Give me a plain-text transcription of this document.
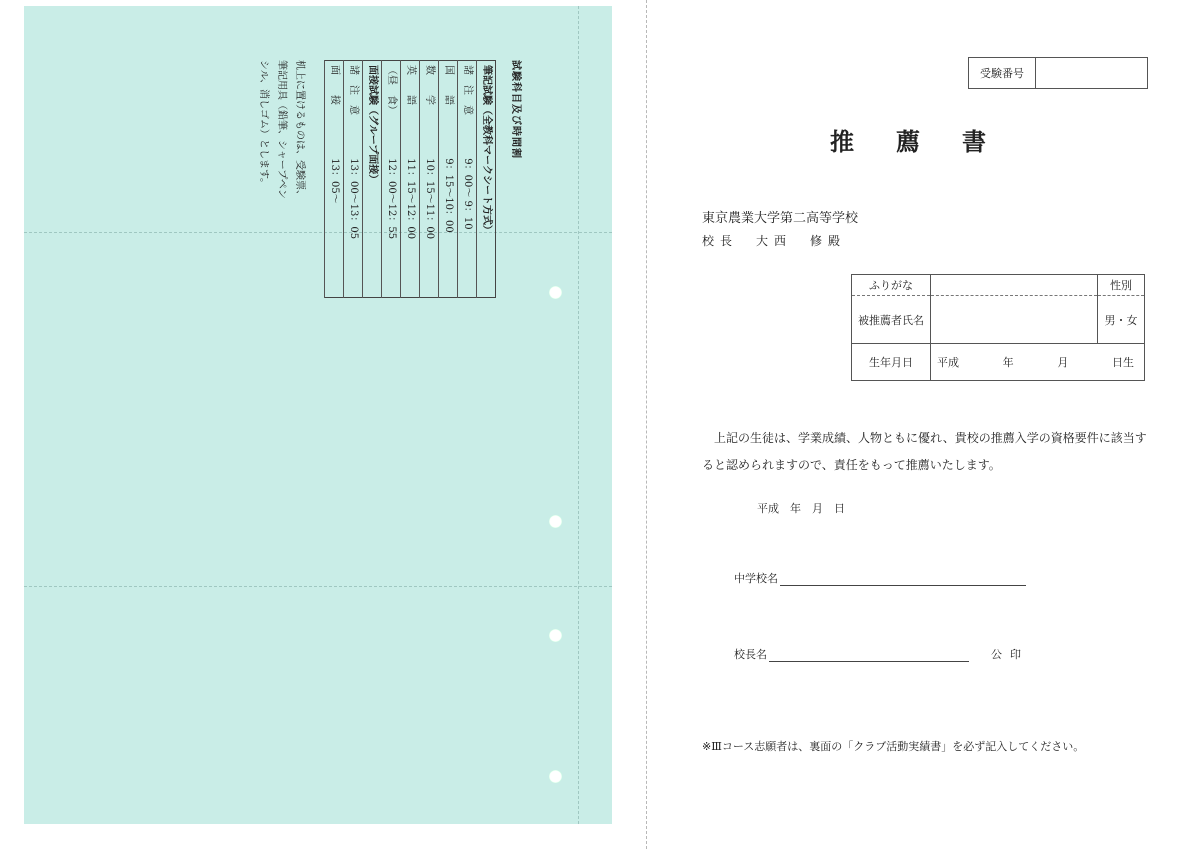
試験科目及び時間割
筆記試験（全教科マークシート方式）	
諸　注　意	9：00〜 9：10
国　　語	9：15〜10：00
数　　学	10：15〜11：00
英　　語	11：15〜12：00
（昼　食）	12：00〜12：55
面接試験（グループ面接）	
諸　注　意	13：00〜13：05
面　　接	13：05〜
机上に置けるものは、受験票、
筆記用具（鉛筆、シャープペン
シル、消しゴム）とします。	受験番号
推薦書
東京農業大学第二高等学校
校長　大西　修殿
ふりがな		性別
被推薦者氏名		男・女
生年月日	平成 年 月 日生	
上記の生徒は、学業成績、人物ともに優れ、貴校の推薦入学の資格要件に該当すると認められますので、責任をもって推薦いたします。
平成　年　月　日
中学校名
校長名	公印
※Ⅲコース志願者は、裏面の「クラブ活動実績書」を必ず記入してください。
